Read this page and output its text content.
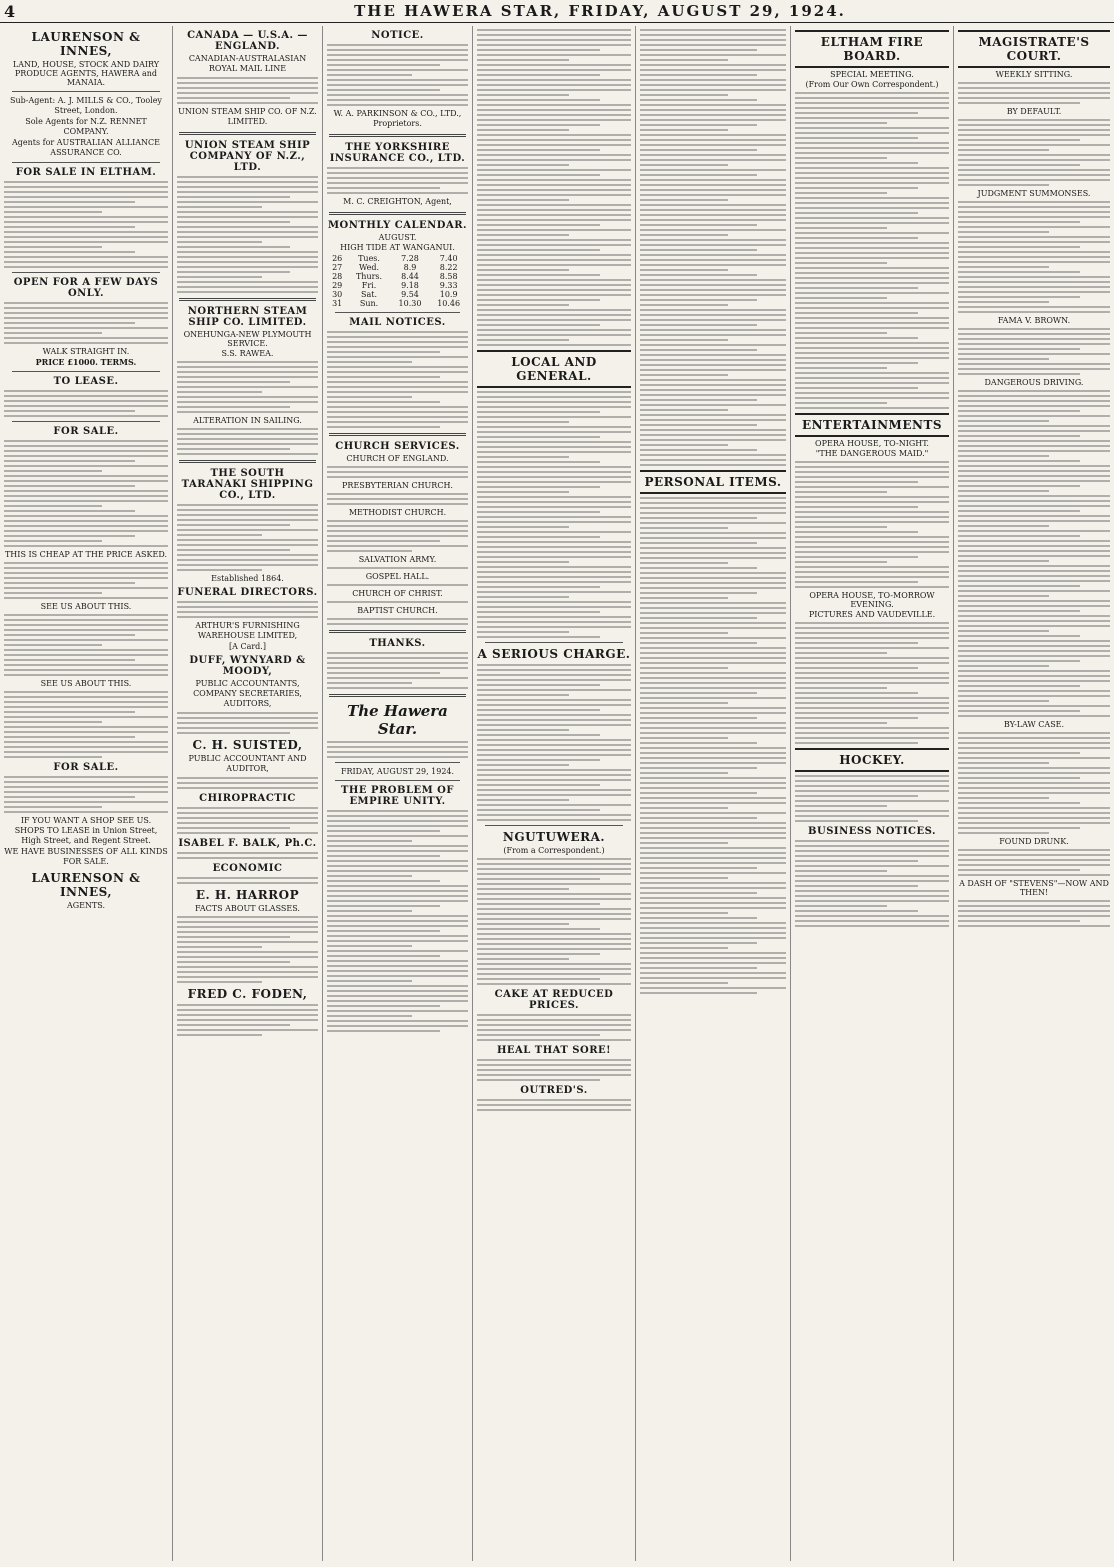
4	THE HAWERA STAR, FRIDAY, AUGUST 29, 1924.
LAURENSON & INNES,
LAND, HOUSE, STOCK AND DAIRY PRODUCE AGENTS, HAWERA and MANAIA.
Sub-Agent: A. J. MILLS & CO., Tooley Street, London.
Sole Agents for N.Z. RENNET COMPANY.
Agents for AUSTRALIAN ALLIANCE ASSURANCE CO.
FOR SALE IN ELTHAM.
OPEN FOR A FEW DAYS ONLY.
WALK STRAIGHT IN.
PRICE £1000. TERMS.
TO LEASE.
FOR SALE.
THIS IS CHEAP AT THE PRICE ASKED.
SEE US ABOUT THIS.
SEE US ABOUT THIS.
FOR SALE.
IF YOU WANT A SHOP SEE US.
SHOPS TO LEASE in Union Street, High Street, and Regent Street.
WE HAVE BUSINESSES OF ALL KINDS FOR SALE.
LAURENSON & INNES,
AGENTS.
CANADA — U.S.A. — ENGLAND.
CANADIAN-AUSTRALASIAN ROYAL MAIL LINE
UNION STEAM SHIP CO. OF N.Z. LIMITED.
UNION STEAM SHIP COMPANY OF N.Z., LTD.
NORTHERN STEAM SHIP CO. LIMITED.
ONEHUNGA-NEW PLYMOUTH SERVICE.
S.S. RAWEA.
ALTERATION IN SAILING.
THE SOUTH TARANAKI SHIPPING CO., LTD.
Established 1864.
FUNERAL DIRECTORS.
ARTHUR'S FURNISHING WAREHOUSE LIMITED,
[A Card.]
DUFF, WYNYARD & MOODY,
PUBLIC ACCOUNTANTS, COMPANY SECRETARIES, AUDITORS,
C. H. SUISTED,
PUBLIC ACCOUNTANT AND AUDITOR,
CHIROPRACTIC
ISABEL F. BALK, Ph.C.
ECONOMIC
E. H. HARROP
FACTS ABOUT GLASSES.
FRED C. FODEN,
NOTICE.
W. A. PARKINSON & CO., LTD., Proprietors.
THE YORKSHIRE INSURANCE CO., LTD.
M. C. CREIGHTON, Agent,
MONTHLY CALENDAR.
AUGUST.
HIGH TIDE AT WANGANUI.
26	Tues.	7.28	7.40
27	Wed.	8.9	8.22
28	Thurs.	8.44	8.58
29	Fri.	9.18	9.33
30	Sat.	9.54	10.9
31	Sun.	10.30	10.46
MAIL NOTICES.
CHURCH SERVICES.
CHURCH OF ENGLAND.
PRESBYTERIAN CHURCH.
METHODIST CHURCH.
SALVATION ARMY.
GOSPEL HALL.
CHURCH OF CHRIST.
BAPTIST CHURCH.
THANKS.
The Hawera Star.
FRIDAY, AUGUST 29, 1924.
THE PROBLEM OF EMPIRE UNITY.
LOCAL AND GENERAL.
A SERIOUS CHARGE.
NGUTUWERA.
(From a Correspondent.)
CAKE AT REDUCED PRICES.
HEAL THAT SORE!
OUTRED'S.
PERSONAL ITEMS.
ELTHAM FIRE BOARD.
SPECIAL MEETING.
(From Our Own Correspondent.)
ENTERTAINMENTS
OPERA HOUSE, TO-NIGHT.
"THE DANGEROUS MAID."
OPERA HOUSE, TO-MORROW EVENING.
PICTURES AND VAUDEVILLE.
HOCKEY.
BUSINESS NOTICES.
MAGISTRATE'S COURT.
WEEKLY SITTING.
BY DEFAULT.
JUDGMENT SUMMONSES.
FAMA V. BROWN.
DANGEROUS DRIVING.
BY-LAW CASE.
FOUND DRUNK.
A DASH OF "STEVENS"—NOW AND THEN!
